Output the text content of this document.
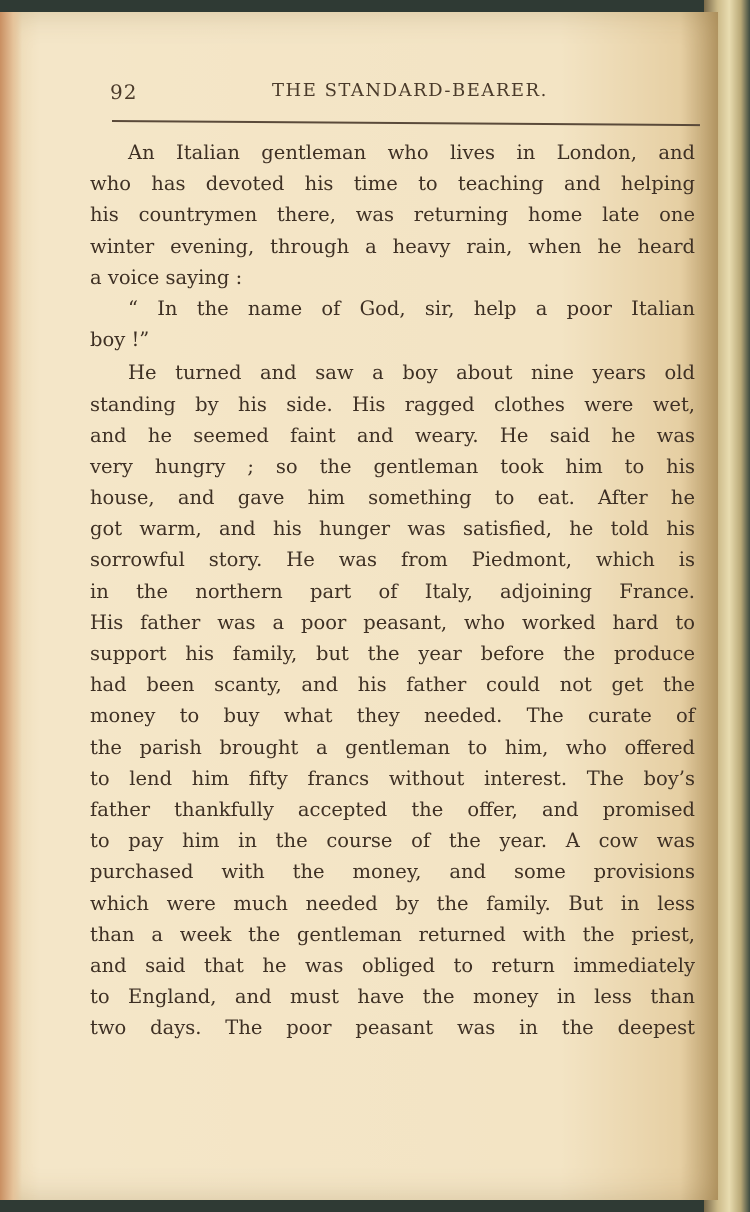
92	THE STANDARD-BEARER.
An Italian gentleman who lives in London, and
who has devoted his time to teaching and helping
his countrymen there, was returning home late one
winter evening, through a heavy rain, when he heard
a voice saying :
“ In the name of God, sir, help a poor Italian
boy !”
He turned and saw a boy about nine years old
standing by his side. His ragged clothes were wet,
and he seemed faint and weary. He said he was
very hungry ; so the gentleman took him to his
house, and gave him something to eat. After he
got warm, and his hunger was satisfied, he told his
sorrowful story. He was from Piedmont, which is
in the northern part of Italy, adjoining France.
His father was a poor peasant, who worked hard to
support his family, but the year before the produce
had been scanty, and his father could not get the
money to buy what they needed. The curate of
the parish brought a gentleman to him, who offered
to lend him fifty francs without interest. The boy’s
father thankfully accepted the offer, and promised
to pay him in the course of the year. A cow was
purchased with the money, and some provisions
which were much needed by the family. But in less
than a week the gentleman returned with the priest,
and said that he was obliged to return immediately
to England, and must have the money in less than
two days. The poor peasant was in the deepest
